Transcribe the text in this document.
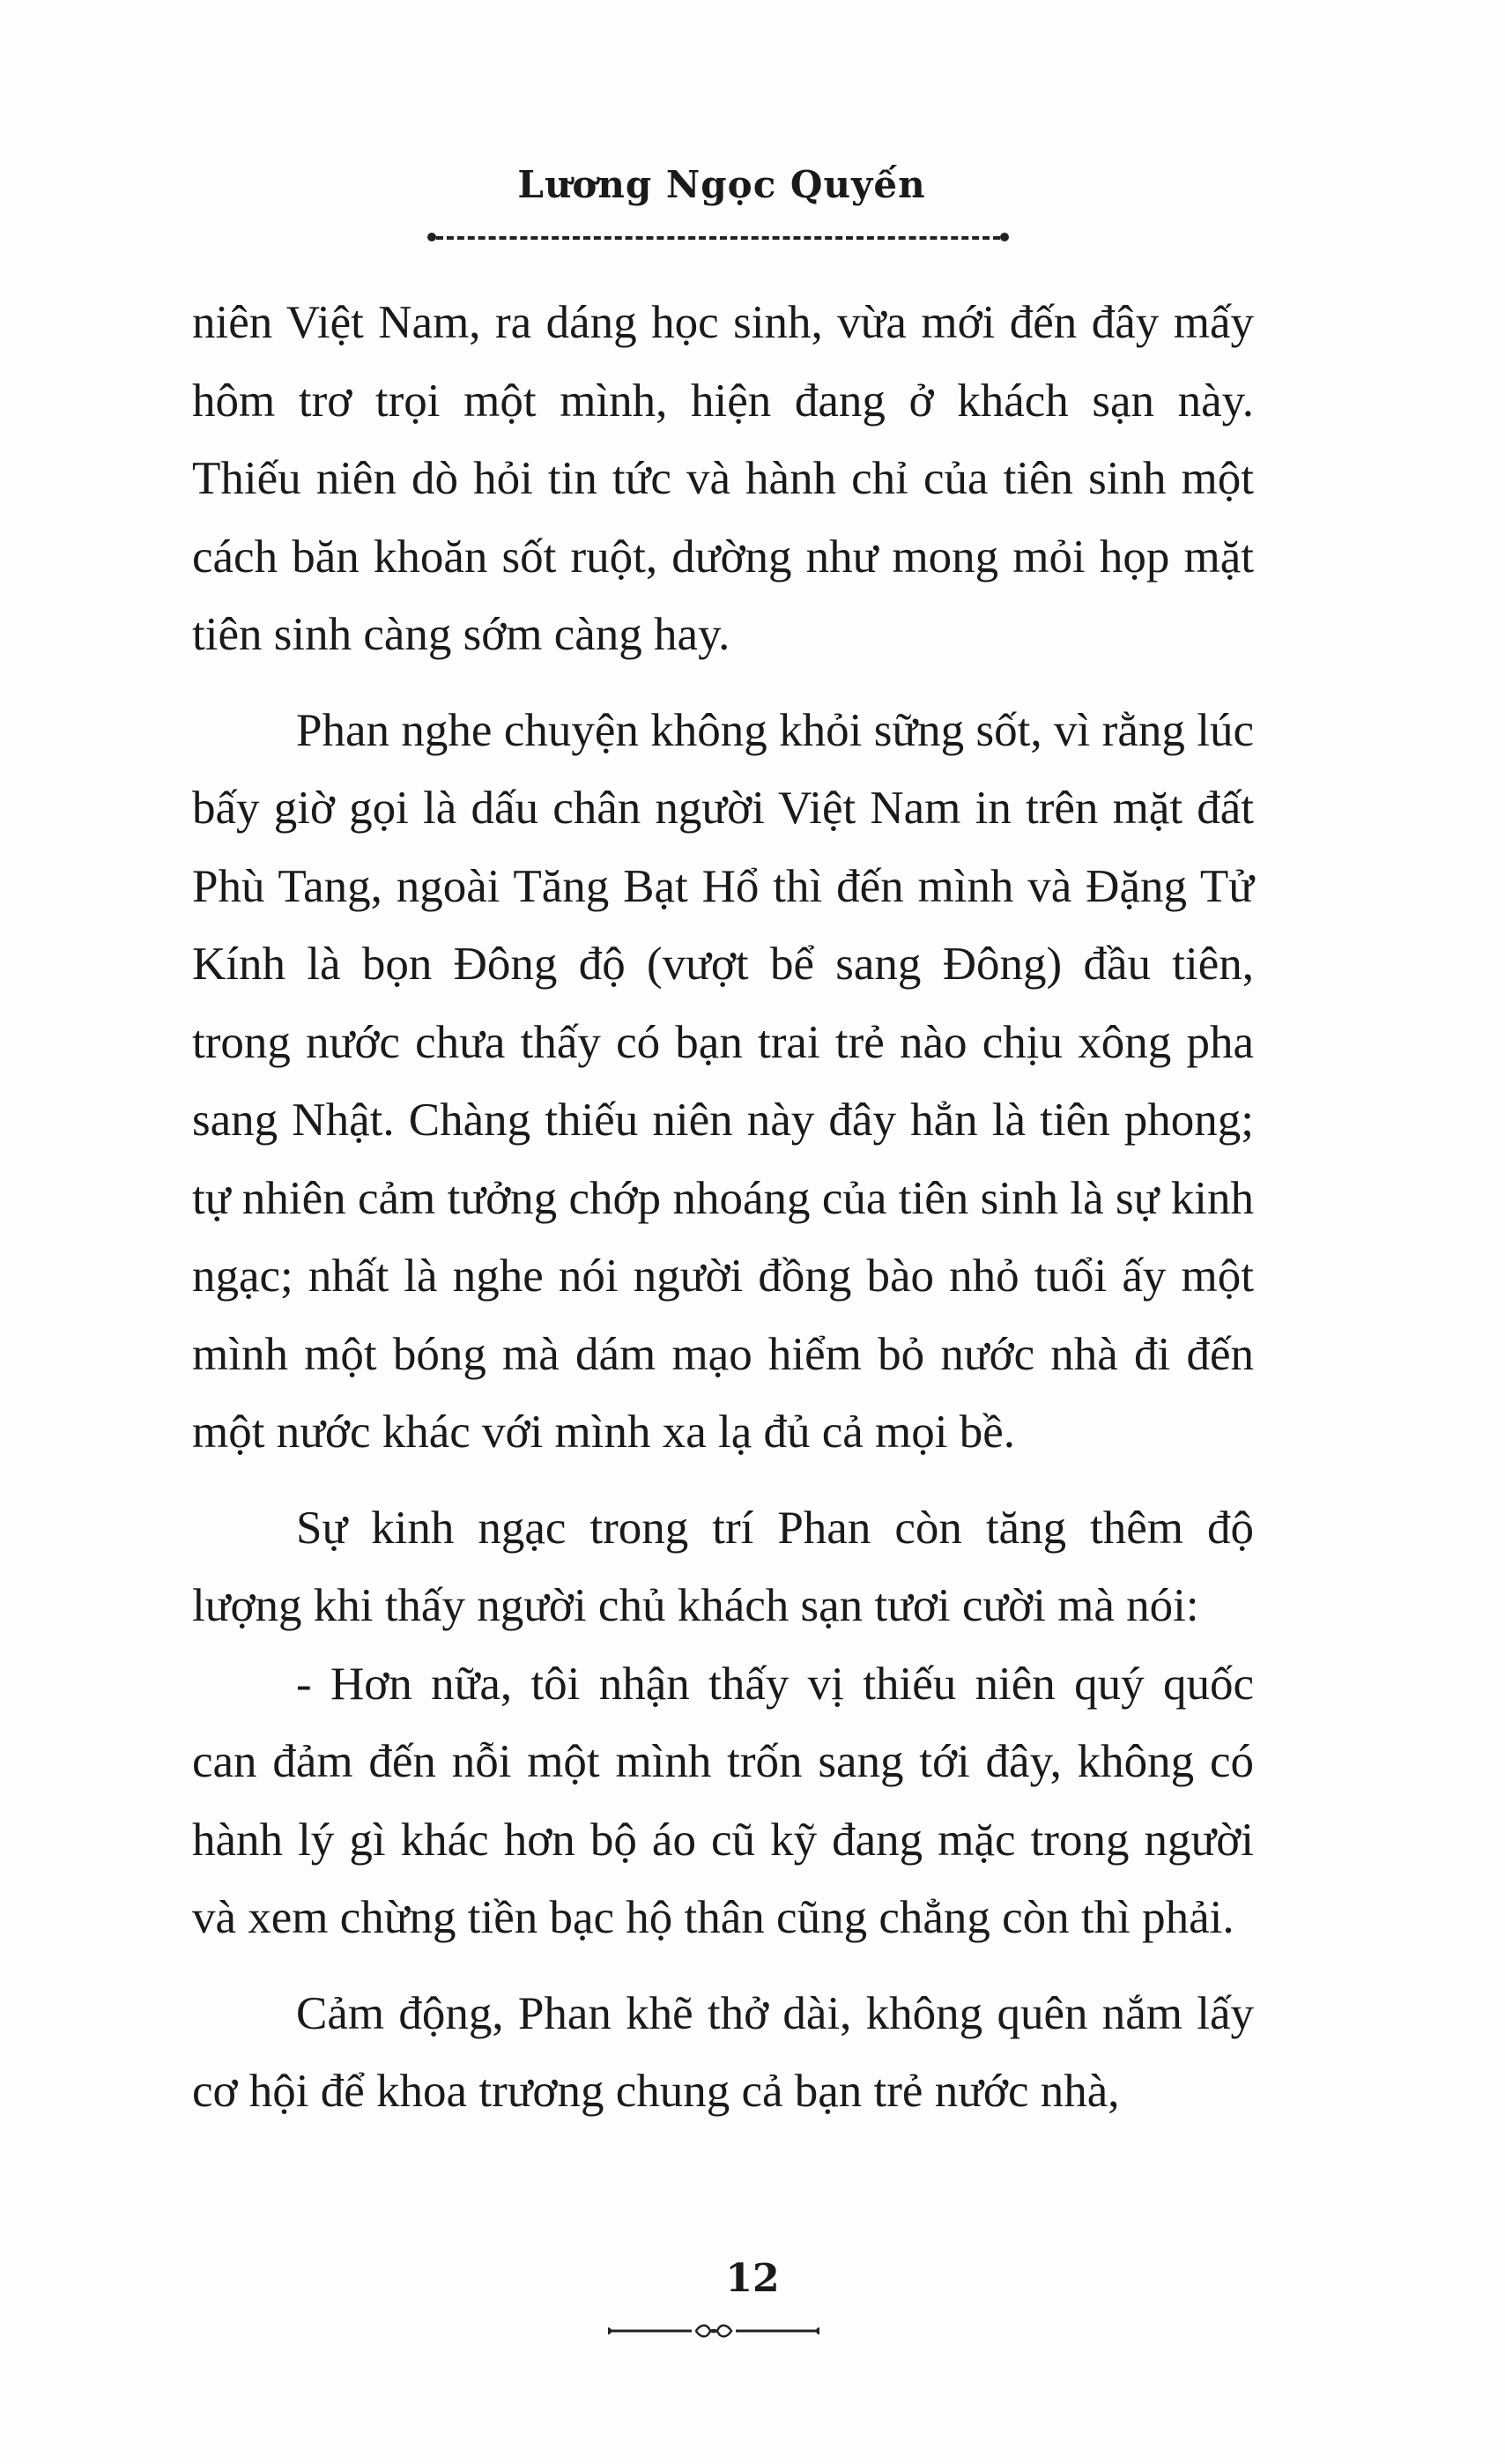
Lương Ngọc Quyến

niên Việt Nam, ra dáng học sinh, vừa mới đến đây mấy hôm trơ trọi một mình, hiện đang ở khách sạn này. Thiếu niên dò hỏi tin tức và hành chỉ của tiên sinh một cách băn khoăn sốt ruột, dường như mong mỏi họp mặt tiên sinh càng sớm càng hay.

Phan nghe chuyện không khỏi sững sốt, vì rằng lúc bấy giờ gọi là dấu chân người Việt Nam in trên mặt đất Phù Tang, ngoài Tăng Bạt Hổ thì đến mình và Đặng Tử Kính là bọn Đông độ (vượt bể sang Đông) đầu tiên, trong nước chưa thấy có bạn trai trẻ nào chịu xông pha sang Nhật. Chàng thiếu niên này đây hẳn là tiên phong; tự nhiên cảm tưởng chớp nhoáng của tiên sinh là sự kinh ngạc; nhất là nghe nói người đồng bào nhỏ tuổi ấy một mình một bóng mà dám mạo hiểm bỏ nước nhà đi đến một nước khác với mình xa lạ đủ cả mọi bề.

Sự kinh ngạc trong trí Phan còn tăng thêm độ lượng khi thấy người chủ khách sạn tươi cười mà nói:

- Hơn nữa, tôi nhận thấy vị thiếu niên quý quốc can đảm đến nỗi một mình trốn sang tới đây, không có hành lý gì khác hơn bộ áo cũ kỹ đang mặc trong người và xem chừng tiền bạc hộ thân cũng chẳng còn thì phải.

Cảm động, Phan khẽ thở dài, không quên nắm lấy cơ hội để khoa trương chung cả bạn trẻ nước nhà,

12
